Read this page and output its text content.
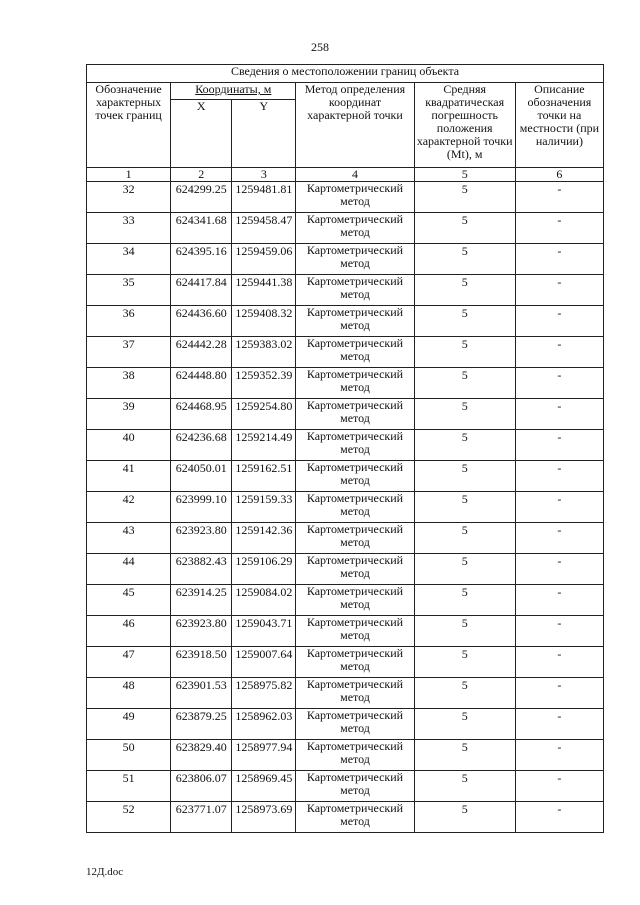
258
Сведения о местоположении границ объекта					
Обозначение характерных точек границ	Координаты, м		Метод определения координат характерной точки	Средняя квадратическая погрешность положения характерной точки (Mt), м	Описание обозначения точки на местности (при наличии)
	X	Y			
1	2	3	4	5	6
32	624299.25	1259481.81	Картометрический метод	5	-
33	624341.68	1259458.47	Картометрический метод	5	-
34	624395.16	1259459.06	Картометрический метод	5	-
35	624417.84	1259441.38	Картометрический метод	5	-
36	624436.60	1259408.32	Картометрический метод	5	-
37	624442.28	1259383.02	Картометрический метод	5	-
38	624448.80	1259352.39	Картометрический метод	5	-
39	624468.95	1259254.80	Картометрический метод	5	-
40	624236.68	1259214.49	Картометрический метод	5	-
41	624050.01	1259162.51	Картометрический метод	5	-
42	623999.10	1259159.33	Картометрический метод	5	-
43	623923.80	1259142.36	Картометрический метод	5	-
44	623882.43	1259106.29	Картометрический метод	5	-
45	623914.25	1259084.02	Картометрический метод	5	-
46	623923.80	1259043.71	Картометрический метод	5	-
47	623918.50	1259007.64	Картометрический метод	5	-
48	623901.53	1258975.82	Картометрический метод	5	-
49	623879.25	1258962.03	Картометрический метод	5	-
50	623829.40	1258977.94	Картометрический метод	5	-
51	623806.07	1258969.45	Картометрический метод	5	-
52	623771.07	1258973.69	Картометрический метод	5	-
12Д.doc
